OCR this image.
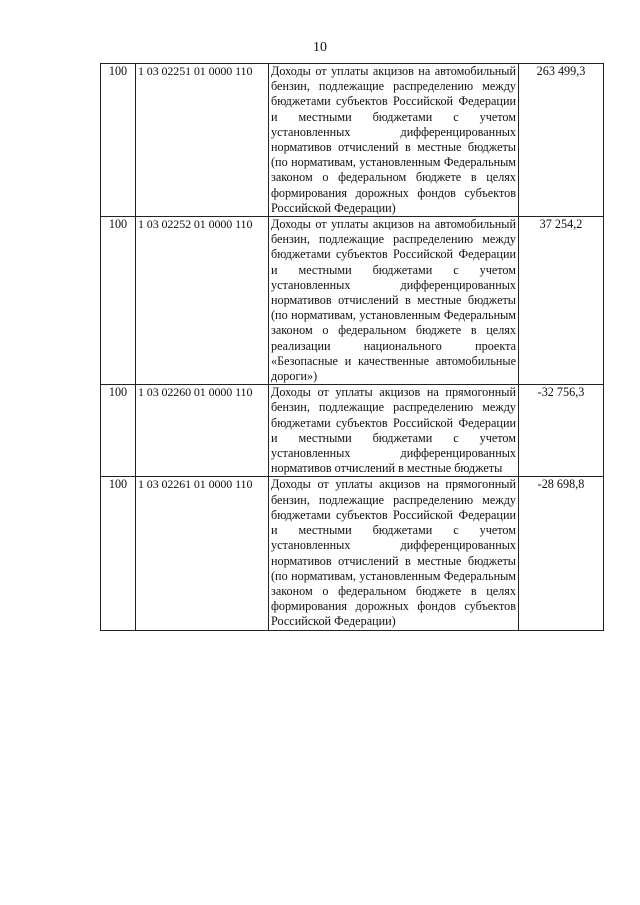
10
100	1 03 02251 01 0000 110	Доходы от уплаты акцизов на автомобильный бензин, подлежащие распределению между бюджетами субъектов Российской Федерации и местными бюджетами с учетом установленных дифференцированных нормативов отчислений в местные бюджеты (по нормативам, установленным Федеральным законом о федеральном бюджете в целях формирования дорожных фондов субъектов Российской Федерации)	263 499,3
100	1 03 02252 01 0000 110	Доходы от уплаты акцизов на автомобильный бензин, подлежащие распределению между бюджетами субъектов Российской Федерации и местными бюджетами с учетом установленных дифференцированных нормативов отчислений в местные бюджеты (по нормативам, установленным Федеральным законом о федеральном бюджете в целях реализации национального проекта «Безопасные и качественные автомобильные дороги»)	37 254,2
100	1 03 02260 01 0000 110	Доходы от уплаты акцизов на прямогонный бензин, подлежащие распределению между бюджетами субъектов Российской Федерации и местными бюджетами с учетом установленных дифференцированных нормативов отчислений в местные бюджеты	-32 756,3
100	1 03 02261 01 0000 110	Доходы от уплаты акцизов на прямогонный бензин, подлежащие распределению между бюджетами субъектов Российской Федерации и местными бюджетами с учетом установленных дифференцированных нормативов отчислений в местные бюджеты (по нормативам, установленным Федеральным законом о федеральном бюджете в целях формирования дорожных фондов субъектов Российской Федерации)	-28 698,8
